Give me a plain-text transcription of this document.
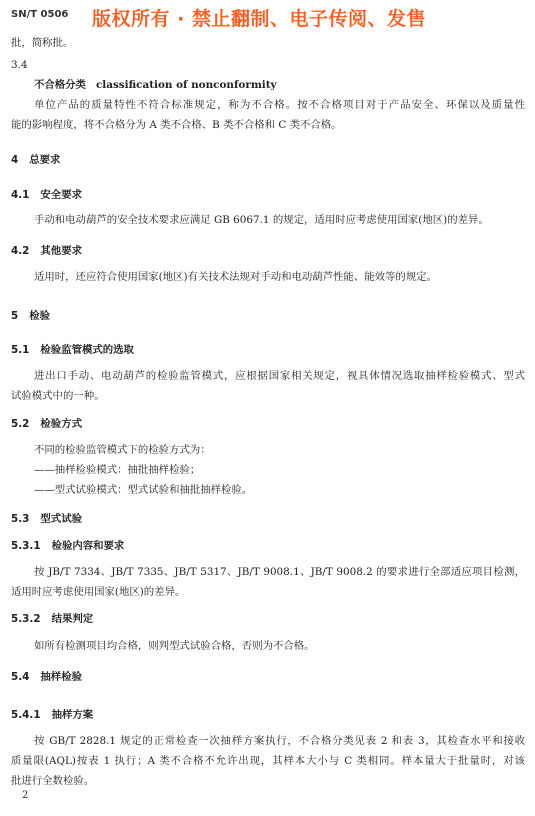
SN/T 0506 版权所有 · 禁止翻制、电子传阅、发售
批，简称批。
3.4
不合格分类 classification of nonconformity
单位产品的质量特性不符合标准规定，称为不合格。按不合格项目对于产品安全、环保以及质量性
能的影响程度，将不合格分为 A 类不合格、B 类不合格和 C 类不合格。
4 总要求
4.1 安全要求
手动和电动葫芦的安全技术要求应满足 GB 6067.1 的规定，适用时应考虑使用国家(地区)的差异。
4.2 其他要求
适用时，还应符合使用国家(地区)有关技术法规对手动和电动葫芦性能、能效等的规定。
5 检验
5.1 检验监管模式的选取
进出口手动、电动葫芦的检验监管模式，应根据国家相关规定，视具体情况选取抽样检验模式、型式
试验模式中的一种。
5.2 检验方式
不同的检验监管模式下的检验方式为：
——抽样检验模式：抽批抽样检验；
——型式试验模式：型式试验和抽批抽样检验。
5.3 型式试验
5.3.1 检验内容和要求
按 JB/T 7334、JB/T 7335、JB/T 5317、JB/T 9008.1、JB/T 9008.2 的要求进行全部适应项目检测，
适用时应考虑使用国家(地区)的差异。
5.3.2 结果判定
如所有检测项目均合格，则判型式试验合格，否则为不合格。
5.4 抽样检验
5.4.1 抽样方案
按 GB/T 2828.1 规定的正常检查一次抽样方案执行，不合格分类见表 2 和表 3，其检查水平和接收
质量限(AQL)按表 1 执行；A 类不合格不允许出现，其样本大小与 C 类相同。样本量大于批量时，对该
批进行全数检验。
2
